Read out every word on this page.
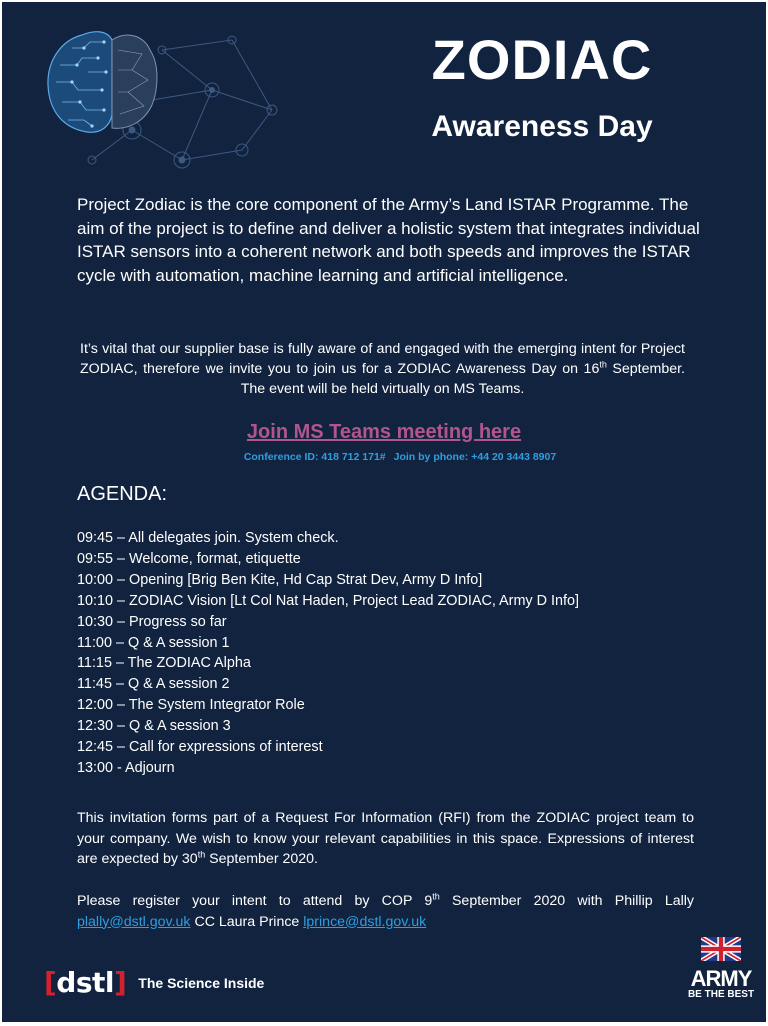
ZODIAC
Awareness Day
Project Zodiac is the core component of the Army’s Land ISTAR Programme. The aim of the project is to define and deliver a holistic system that integrates individual ISTAR sensors into a coherent network and both speeds and improves the ISTAR cycle with automation, machine learning and artificial intelligence.
It’s vital that our supplier base is fully aware of and engaged with the emerging intent for Project ZODIAC, therefore we invite you to join us for a ZODIAC Awareness Day on 16th September. The event will be held virtually on MS Teams.
Join MS Teams meeting here
Conference ID: 418 712 171# Join by phone: +44 20 3443 8907
AGENDA:
09:45 – All delegates join. System check.
09:55 – Welcome, format, etiquette
10:00 – Opening [Brig Ben Kite, Hd Cap Strat Dev, Army D Info]
10:10 – ZODIAC Vision [Lt Col Nat Haden, Project Lead ZODIAC, Army D Info]
10:30 – Progress so far
11:00 – Q & A session 1
11:15 – The ZODIAC Alpha
11:45 – Q & A session 2
12:00 – The System Integrator Role
12:30 – Q & A session 3
12:45 – Call for expressions of interest
13:00 - Adjourn
This invitation forms part of a Request For Information (RFI) from the ZODIAC project team to your company. We wish to know your relevant capabilities in this space. Expressions of interest are expected by 30th September 2020.
Please register your intent to attend by COP 9th September 2020 with Phillip Lally plally@dstl.gov.uk CC Laura Prince lprince@dstl.gov.uk
[dstl] The Science Inside	ARMY
BE THE BEST
